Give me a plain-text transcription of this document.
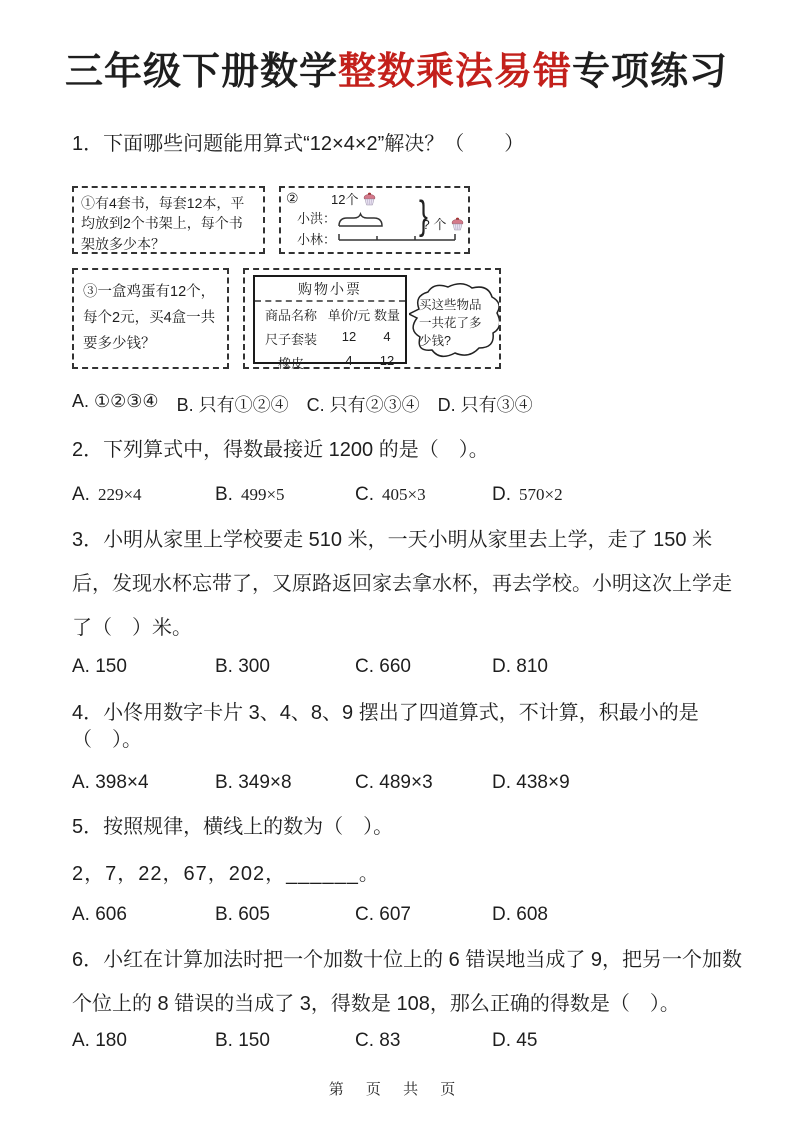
三年级下册数学整数乘法易错专项练习
1．下面哪些问题能用算式“12×4×2”解决？（　　）
①有4套书，每套12本，平均放到2个书架上，每个书架放多少本？
② 12个
小洪：
小林：
}
? 个
③一盒鸡蛋有12个，每个2元，买4盒一共要多少钱？
购物小票
商品名称 单价/元 数量
尺子套装	12	4
橡皮	4	12
买这些物品一共花了多少钱?
A. ①②③④ B. 只有①②④ C. 只有②③④ D. 只有③④
2．下列算式中，得数最接近 1200 的是（　）。
A. 229×4	B. 499×5	C. 405×3	D. 570×2
3．小明从家里上学校要走 510 米，一天小明从家里去上学，走了 150 米后，发现水杯忘带了，又原路返回家去拿水杯，再去学校。小明这次上学走了（　）米。
A. 150	B. 300	C. 660	D. 810
4．小佟用数字卡片 3、4、8、9 摆出了四道算式，不计算，积最小的是（　）。
A. 398×4	B. 349×8	C. 489×3	D. 438×9
5．按照规律，横线上的数为（　）。
2，7，22，67，202，______。
A. 606	B. 605	C. 607	D. 608
6．小红在计算加法时把一个加数十位上的 6 错误地当成了 9，把另一个加数个位上的 8 错误的当成了 3，得数是 108，那么正确的得数是（　）。
A. 180	B. 150	C. 83	D. 45
第 页 共 页
